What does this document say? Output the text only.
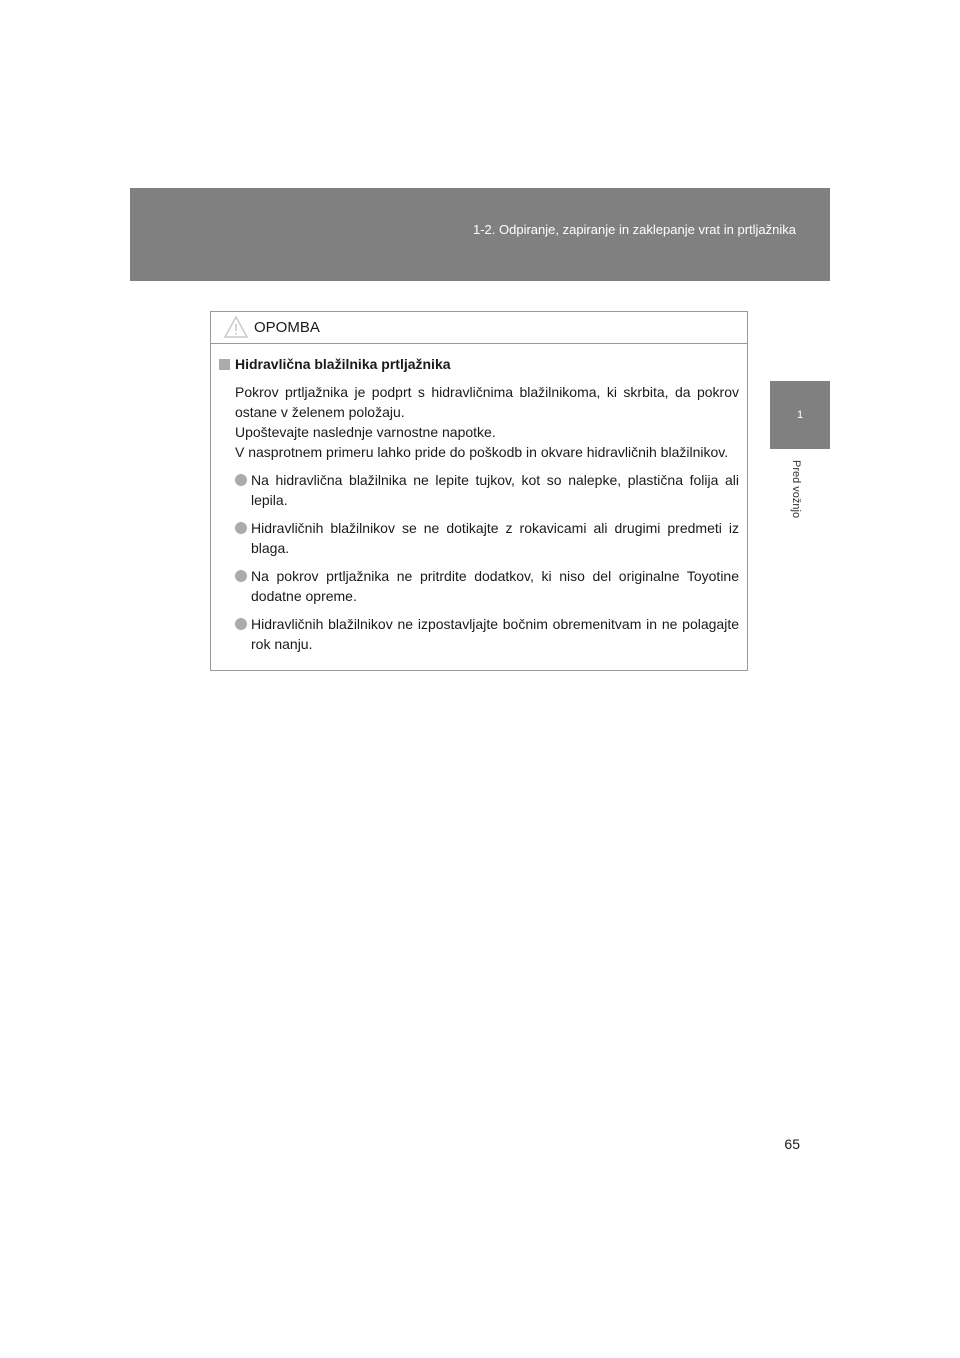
1-2. Odpiranje, zapiranje in zaklepanje vrat in prtljažnika
1
Pred vožnjo
OPOMBA
Hidravlična blažilnika prtljažnika

Pokrov prtljažnika je podprt s hidravličnima blažilnikoma, ki skrbita, da pokrov ostane v želenem položaju.

Upoštevajte naslednje varnostne napotke.

V nasprotnem primeru lahko pride do poškodb in okvare hidravličnih blažilnikov.

Na hidravlična blažilnika ne lepite tujkov, kot so nalepke, plastična folija ali lepila.
Hidravličnih blažilnikov se ne dotikajte z rokavicami ali drugimi predmeti iz blaga.
Na pokrov prtljažnika ne pritrdite dodatkov, ki niso del originalne Toyotine dodatne opreme.
Hidravličnih blažilnikov ne izpostavljajte bočnim obremenitvam in ne polagajte rok nanju.
65
